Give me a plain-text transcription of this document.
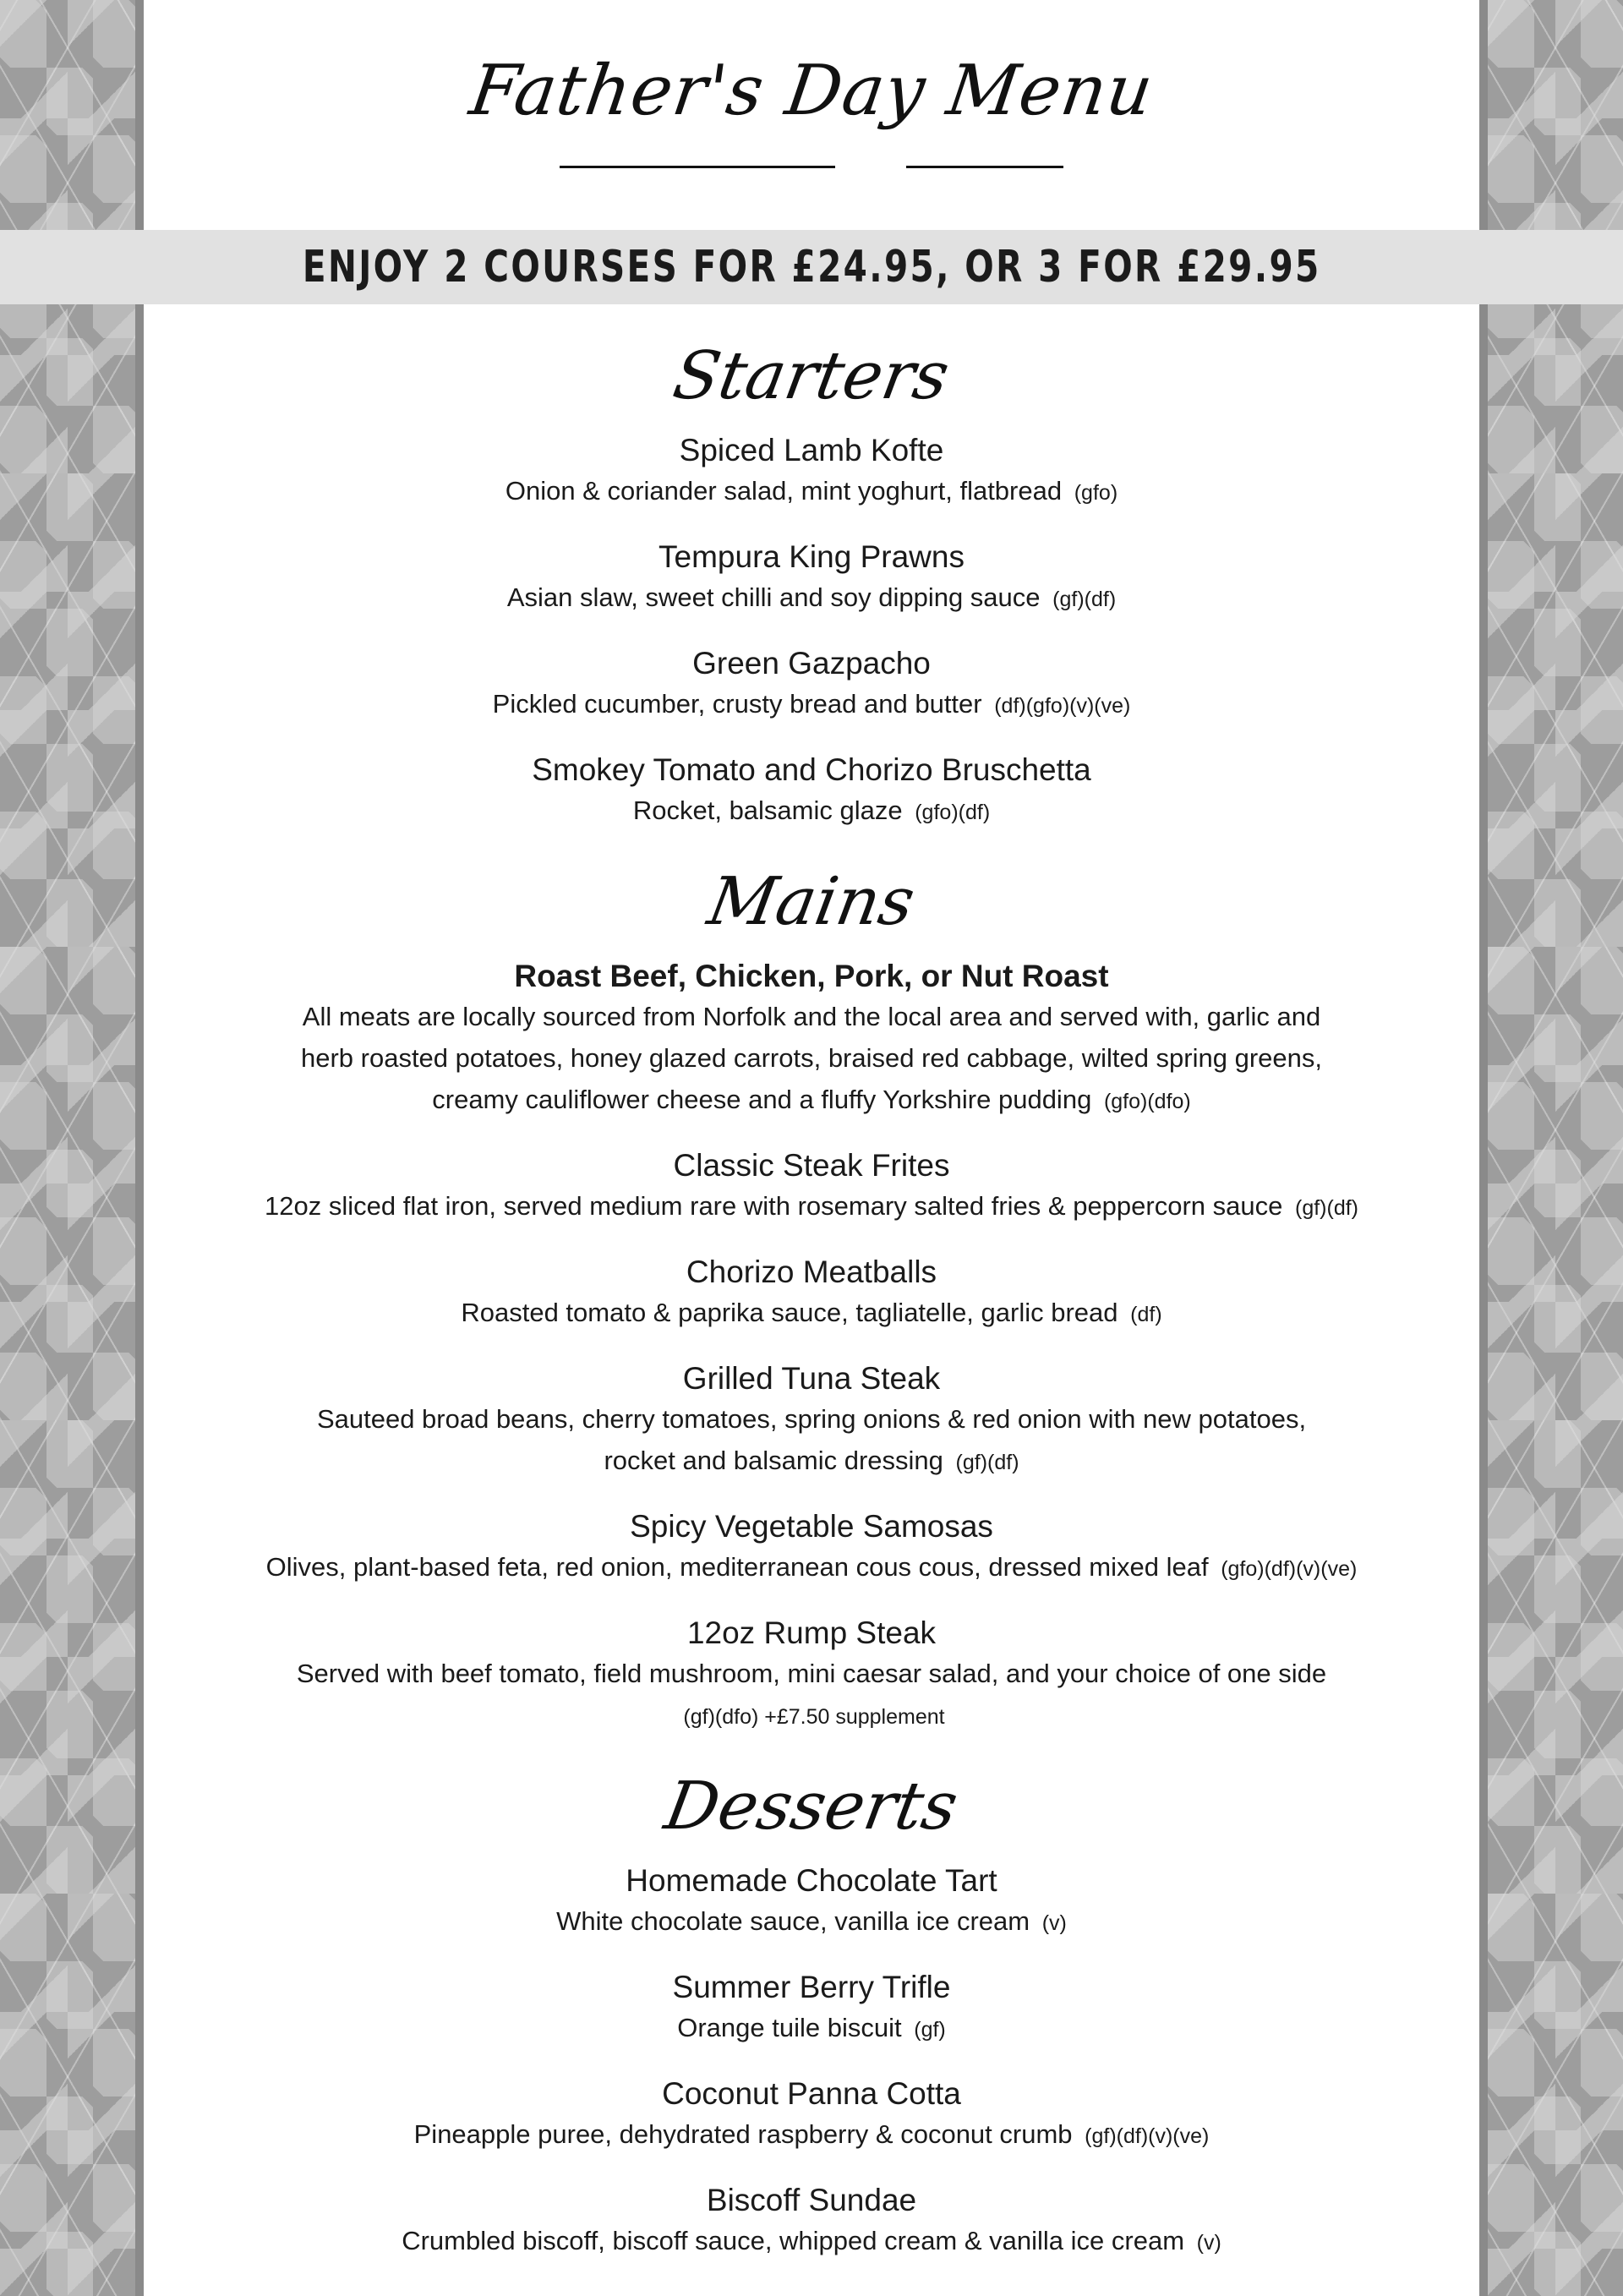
Father's Day Menu
ENJOY 2 COURSES FOR £24.95, OR 3 FOR £29.95
Starters
Spiced Lamb Kofte
Onion & coriander salad, mint yoghurt, flatbread (gfo)
Tempura King Prawns
Asian slaw, sweet chilli and soy dipping sauce (gf)(df)
Green Gazpacho
Pickled cucumber, crusty bread and butter (df)(gfo)(v)(ve)
Smokey Tomato and Chorizo Bruschetta
Rocket, balsamic glaze (gfo)(df)
Mains
Roast Beef, Chicken, Pork, or Nut Roast
All meats are locally sourced from Norfolk and the local area and served with, garlic and
herb roasted potatoes, honey glazed carrots, braised red cabbage, wilted spring greens,
creamy cauliflower cheese and a fluffy Yorkshire pudding (gfo)(dfo)
Classic Steak Frites
12oz sliced flat iron, served medium rare with rosemary salted fries & peppercorn sauce (gf)(df)
Chorizo Meatballs
Roasted tomato & paprika sauce, tagliatelle, garlic bread (df)
Grilled Tuna Steak
Sauteed broad beans, cherry tomatoes, spring onions & red onion with new potatoes,
rocket and balsamic dressing (gf)(df)
Spicy Vegetable Samosas
Olives, plant-based feta, red onion, mediterranean cous cous, dressed mixed leaf (gfo)(df)(v)(ve)
12oz Rump Steak
Served with beef tomato, field mushroom, mini caesar salad, and your choice of one side
(gf)(dfo) +£7.50 supplement
Desserts
Homemade Chocolate Tart
White chocolate sauce, vanilla ice cream (v)
Summer Berry Trifle
Orange tuile biscuit (gf)
Coconut Panna Cotta
Pineapple puree, dehydrated raspberry & coconut crumb (gf)(df)(v)(ve)
Biscoff Sundae
Crumbled biscoff, biscoff sauce, whipped cream & vanilla ice cream (v)
